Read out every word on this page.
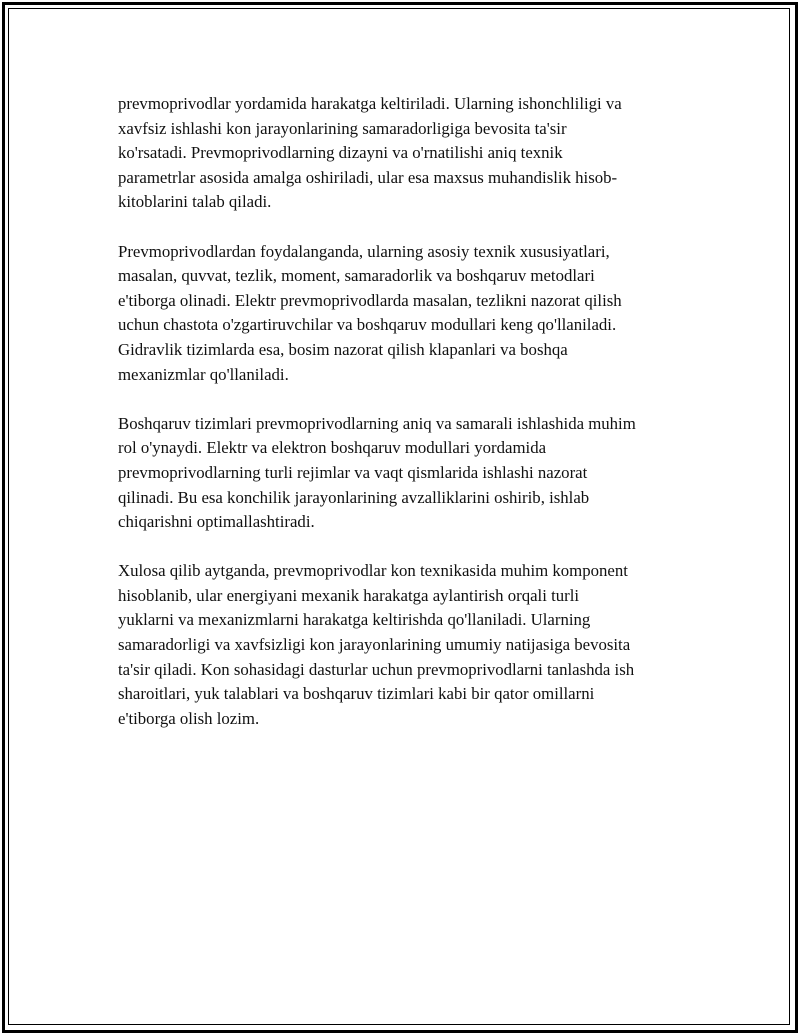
prevmoprivodlar yordamida harakatga keltiriladi. Ularning ishonchliligi va
xavfsiz ishlashi kon jarayonlarining samaradorligiga bevosita ta'sir
ko'rsatadi. Prevmoprivodlarning dizayni va o'rnatilishi aniq texnik
parametrlar asosida amalga oshiriladi, ular esa maxsus muhandislik hisob-
kitoblarini talab qiladi.

Prevmoprivodlardan foydalanganda, ularning asosiy texnik xususiyatlari,
masalan, quvvat, tezlik, moment, samaradorlik va boshqaruv metodlari
e'tiborga olinadi. Elektr prevmoprivodlarda masalan, tezlikni nazorat qilish
uchun chastota o'zgartiruvchilar va boshqaruv modullari keng qo'llaniladi.
Gidravlik tizimlarda esa, bosim nazorat qilish klapanlari va boshqa
mexanizmlar qo'llaniladi.

Boshqaruv tizimlari prevmoprivodlarning aniq va samarali ishlashida muhim
rol o'ynaydi. Elektr va elektron boshqaruv modullari yordamida
prevmoprivodlarning turli rejimlar va vaqt qismlarida ishlashi nazorat
qilinadi. Bu esa konchilik jarayonlarining avzalliklarini oshirib, ishlab
chiqarishni optimallashtiradi.

Xulosa qilib aytganda, prevmoprivodlar kon texnikasida muhim komponent
hisoblanib, ular energiyani mexanik harakatga aylantirish orqali turli
yuklarni va mexanizmlarni harakatga keltirishda qo'llaniladi. Ularning
samaradorligi va xavfsizligi kon jarayonlarining umumiy natijasiga bevosita
ta'sir qiladi. Kon sohasidagi dasturlar uchun prevmoprivodlarni tanlashda ish
sharoitlari, yuk talablari va boshqaruv tizimlari kabi bir qator omillarni
e'tiborga olish lozim.
